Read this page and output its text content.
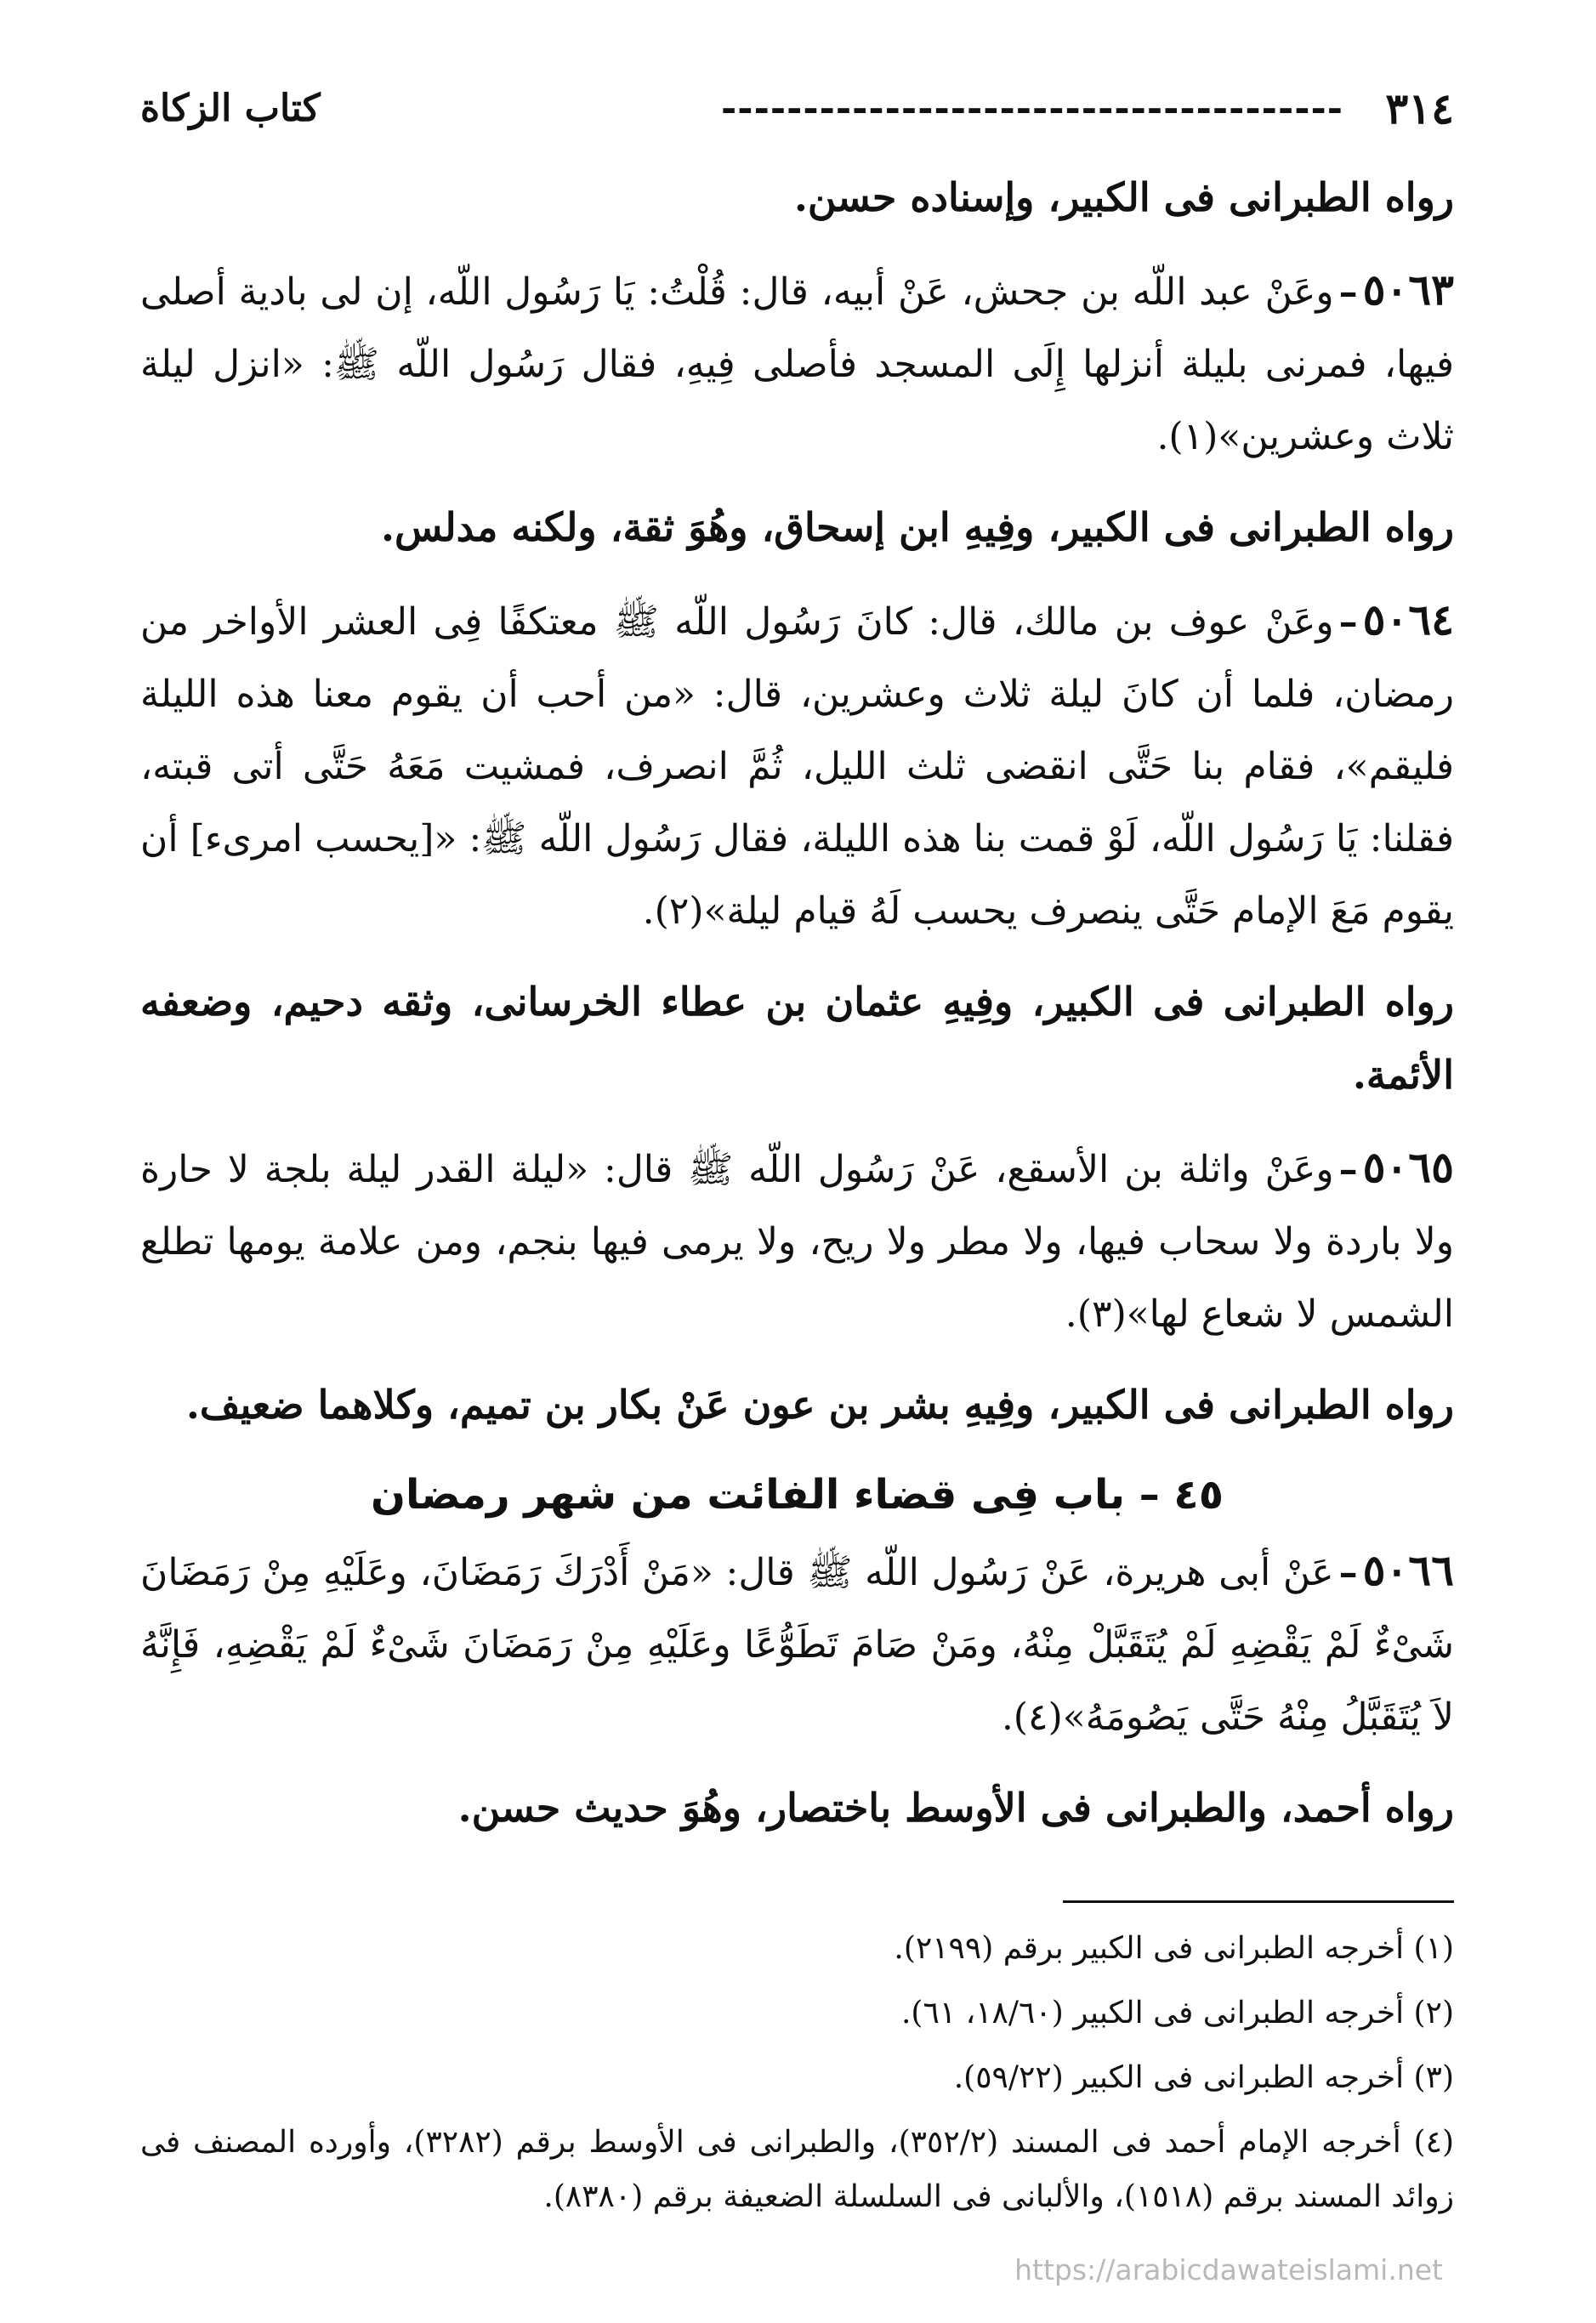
٣١٤
--------------------------------------
كتاب الزكاة

رواه الطبرانى فى الكبير، وإسناده حسن.

٥٠٦٣–وعَنْ عبد اللّه بن جحش، عَنْ أبيه، قال: قُلْتُ: يَا رَسُول اللّه، إن لى بادية أصلى فيها، فمرنى بليلة أنزلها إِلَى المسجد فأصلى فِيهِ، فقال رَسُول اللّه ﷺ: «انزل ليلة ثلاث وعشرين»(١).

رواه الطبرانى فى الكبير، وفِيهِ ابن إسحاق، وهُوَ ثقة، ولكنه مدلس.

٥٠٦٤–وعَنْ عوف بن مالك، قال: كانَ رَسُول اللّه ﷺ معتكفًا فِى العشر الأواخر من رمضان، فلما أن كانَ ليلة ثلاث وعشرين، قال: «من أحب أن يقوم معنا هذه الليلة فليقم»، فقام بنا حَتَّى انقضى ثلث الليل، ثُمَّ انصرف، فمشيت مَعَهُ حَتَّى أتى قبته، فقلنا: يَا رَسُول اللّه، لَوْ قمت بنا هذه الليلة، فقال رَسُول اللّه ﷺ: «[يحسب امرىء] أن يقوم مَعَ الإمام حَتَّى ينصرف يحسب لَهُ قيام ليلة»(٢).

رواه الطبرانى فى الكبير، وفِيهِ عثمان بن عطاء الخرسانى، وثقه دحيم، وضعفه الأئمة.

٥٠٦٥–وعَنْ واثلة بن الأسقع، عَنْ رَسُول اللّه ﷺ قال: «ليلة القدر ليلة بلجة لا حارة ولا باردة ولا سحاب فيها، ولا مطر ولا ريح، ولا يرمى فيها بنجم، ومن علامة يومها تطلع الشمس لا شعاع لها»(٣).

رواه الطبرانى فى الكبير، وفِيهِ بشر بن عون عَنْ بكار بن تميم، وكلاهما ضعيف.

٤٥ – باب فِى قضاء الفائت من شهر رمضان

٥٠٦٦–عَنْ أبى هريرة، عَنْ رَسُول اللّه ﷺ قال: «مَنْ أَدْرَكَ رَمَضَانَ، وعَلَيْهِ مِنْ رَمَضَانَ شَىْءٌ لَمْ يَقْضِهِ لَمْ يُتَقَبَّلْ مِنْهُ، ومَنْ صَامَ تَطَوُّعًا وعَلَيْهِ مِنْ رَمَضَانَ شَىْءٌ لَمْ يَقْضِهِ، فَإِنَّهُ لاَ يُتَقَبَّلُ مِنْهُ حَتَّى يَصُومَهُ»(٤).

رواه أحمد، والطبرانى فى الأوسط باختصار، وهُوَ حديث حسن.

(١) أخرجه الطبرانى فى الكبير برقم (٢١٩٩).

(٢) أخرجه الطبرانى فى الكبير (١٨/٦٠، ٦١).

(٣) أخرجه الطبرانى فى الكبير (٥٩/٢٢).

(٤) أخرجه الإمام أحمد فى المسند (٣٥٢/٢)، والطبرانى فى الأوسط برقم (٣٢٨٢)، وأورده المصنف فى زوائد المسند برقم (١٥١٨)، والألبانى فى السلسلة الضعيفة برقم (٨٣٨٠).

https://arabicdawateislami.net
